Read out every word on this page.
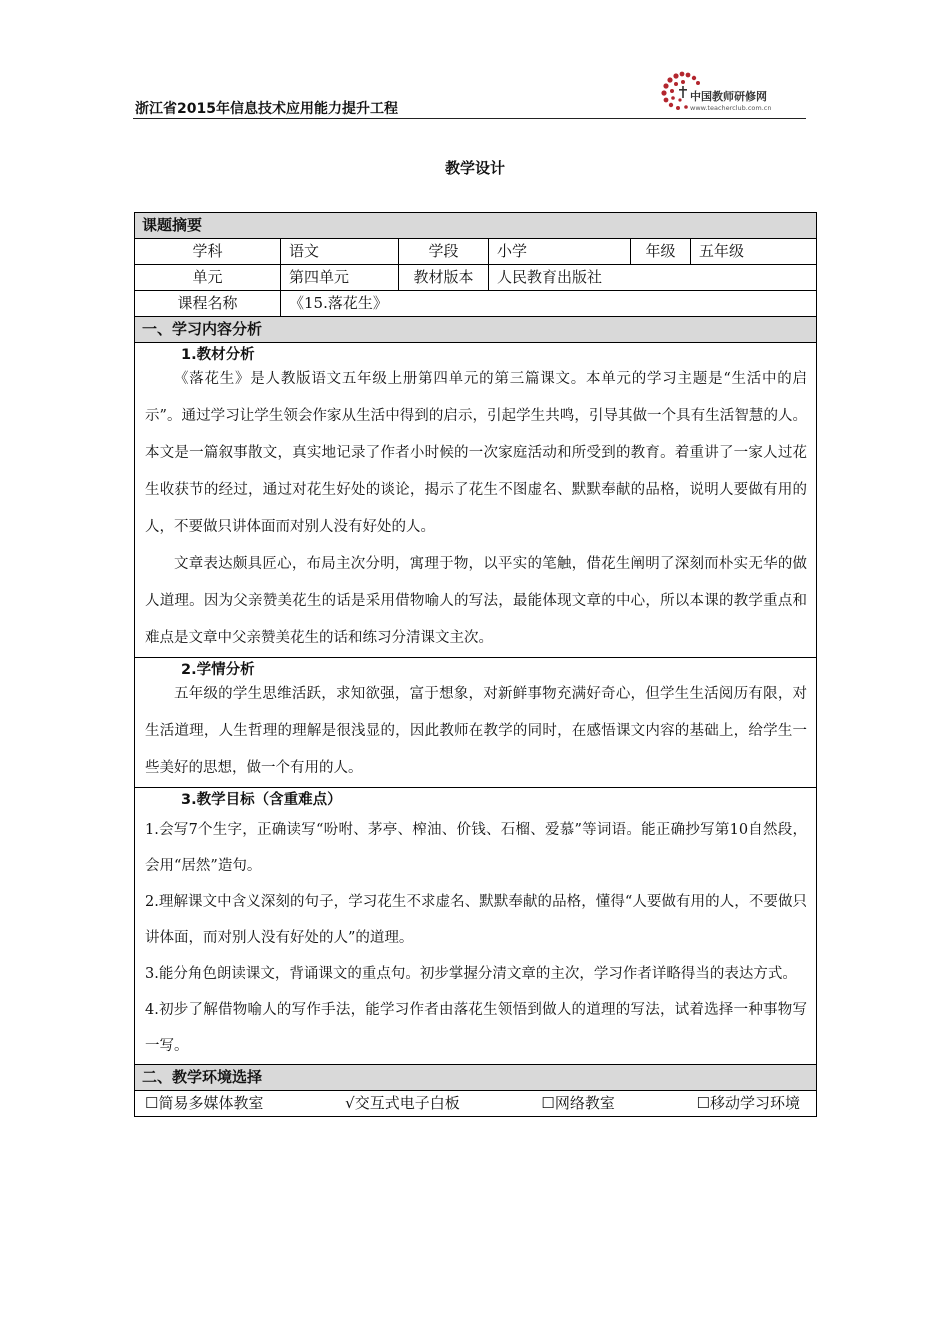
浙江省2015年信息技术应用能力提升工程
中国教师研修网
www.teacherclub.com.cn
教学设计
课题摘要					
学科	语文	学段	小学	年级	五年级
单元	第四单元	教材版本	人民教育出版社		
课程名称	《15.落花生》				
一、学习内容分析					

1.教材分析

《落花生》是人教版语文五年级上册第四单元的第三篇课文。本单元的学习主题是“生活中的启示”。通过学习让学生领会作家从生活中得到的启示，引起学生共鸣，引导其做一个具有生活智慧的人。本文是一篇叙事散文，真实地记录了作者小时候的一次家庭活动和所受到的教育。着重讲了一家人过花生收获节的经过，通过对花生好处的谈论，揭示了花生不图虚名、默默奉献的品格，说明人要做有用的人，不要做只讲体面而对别人没有好处的人。

文章表达颇具匠心，布局主次分明，寓理于物，以平实的笔触，借花生阐明了深刻而朴实无华的做人道理。因为父亲赞美花生的话是采用借物喻人的写法，最能体现文章的中心，所以本课的教学重点和难点是文章中父亲赞美花生的话和练习分清课文主次。					

2.学情分析

五年级的学生思维活跃，求知欲强，富于想象，对新鲜事物充满好奇心，但学生生活阅历有限，对生活道理，人生哲理的理解是很浅显的，因此教师在教学的同时，在感悟课文内容的基础上，给学生一些美好的思想，做一个有用的人。					

3.教学目标（含重难点）

1.会写7个生字，正确读写“吩咐、茅亭、榨油、价钱、石榴、爱慕”等词语。能正确抄写第10自然段，会用“居然”造句。

2.理解课文中含义深刻的句子，学习花生不求虚名、默默奉献的品格，懂得“人要做有用的人，不要做只讲体面，而对别人没有好处的人”的道理。

3.能分角色朗读课文，背诵课文的重点句。初步掌握分清文章的主次，学习作者详略得当的表达方式。

4.初步了解借物喻人的写作手法，能学习作者由落花生领悟到做人的道理的写法，试着选择一种事物写一写。					

二、教学环境选择					

☐简易多媒体教室 √交互式电子白板 ☐网络教室 ☐移动学习环境					
